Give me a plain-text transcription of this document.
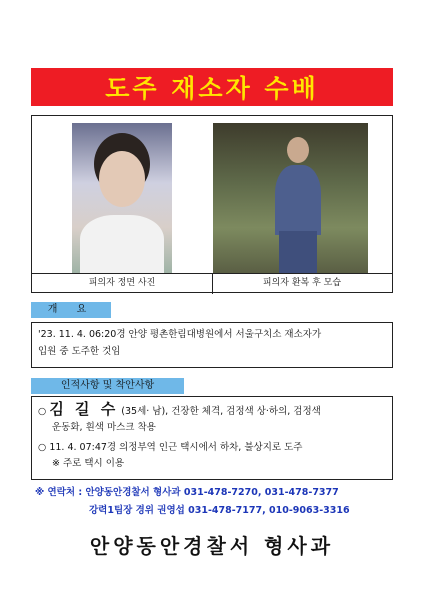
도주 재소자 수배
피의자 정면 사진	피의자 환복 후 모습
개 요
'23. 11. 4. 06:20경 안양 평촌한림대병원에서 서울구치소 재소자가
입원 중 도주한 것임
인적사항 및 착안사항
○ 김 길 수 (35세· 남), 건장한 체격, 검정색 상·하의, 검정색
운동화, 흰색 마스크 착용
○ 11. 4. 07:47경 의정부역 인근 택시에서 하차, 불상지로 도주
※ 주로 택시 이용
※ 연락처 : 안양동안경찰서 형사과 031-478-7270, 031-478-7377
강력1팀장 경위 권영섭 031-478-7177, 010-9063-3316
안양동안경찰서 형사과
